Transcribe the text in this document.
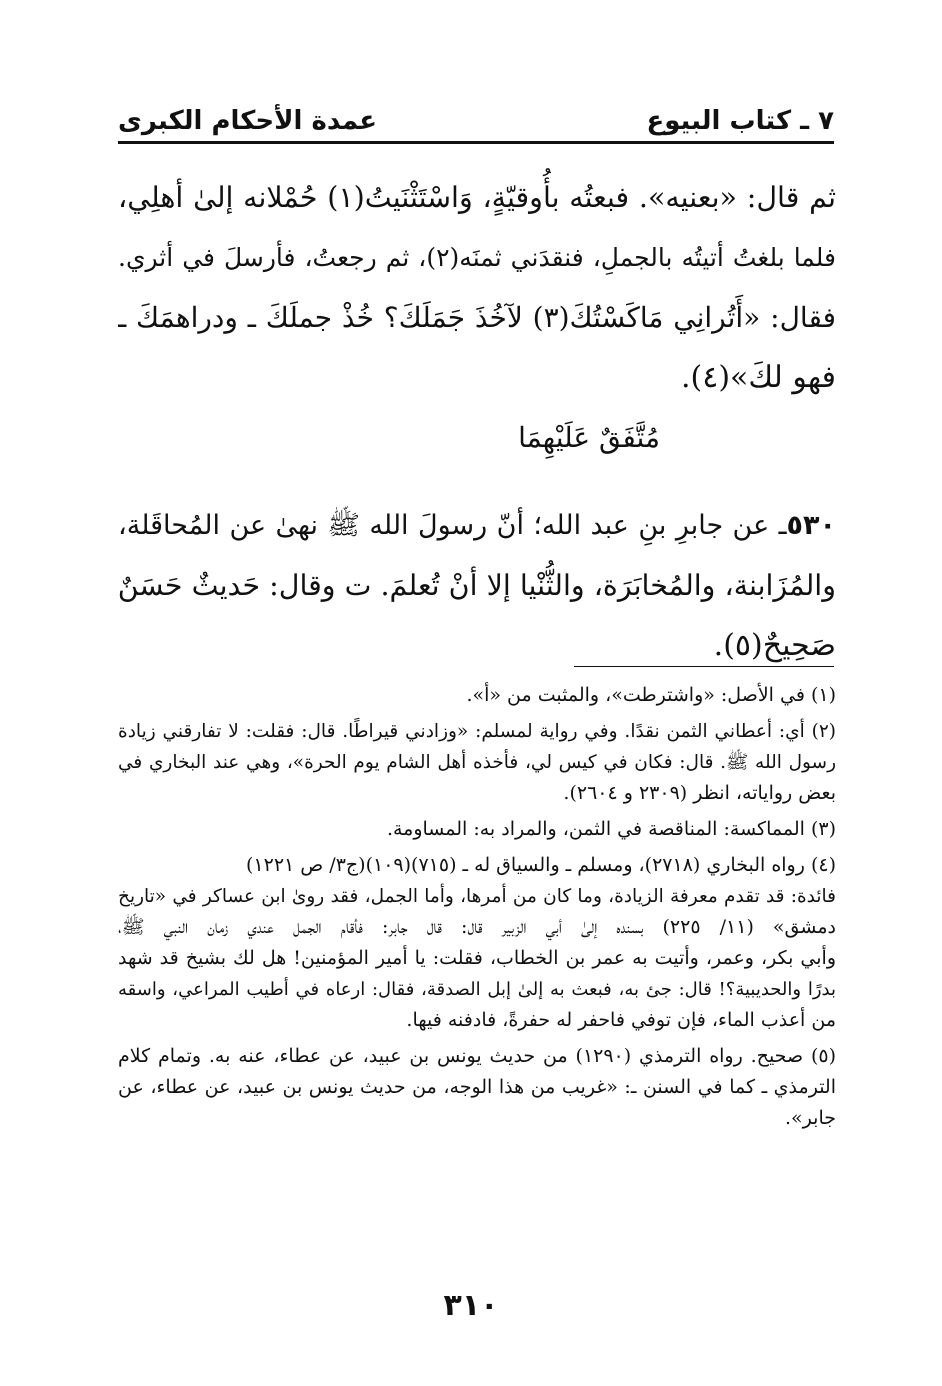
٧ ـ كتاب البيوع
عمدة الأحكام الكبرى
ثم قال: «بعنيه». فبعتُه بأُوقيّةٍ، وَاسْتَثْنَيتُ(١) حُمْلانه إلىٰ أهلِي،
فلما بلغتُ أتيتُه بالجملِ، فنقدَني ثمنَه(٢)، ثم رجعتُ، فأرسلَ في أثري.
فقال: «أَتُرانِي مَاكَسْتُكَ(٣) لآخُذَ جَمَلَكَ؟ خُذْ جملَكَ ـ ودراهمَكَ ـ
فهو لكَ»(٤).
مُتَّفَقٌ عَلَيْهِمَا
٥٣٠ـ عن جابرِ بنِ عبد الله؛ أنّ رسولَ الله ﷺ نهىٰ عن المُحاقَلة،
والمُزَابنة، والمُخابَرَة، والثُّنْيا إلا أنْ تُعلمَ. ت وقال: حَديثٌ حَسَنٌ
صَحِيحٌ(٥).
(١) في الأصل: «واشترطت»، والمثبت من «أ».
(٢) أي: أعطاني الثمن نقدًا. وفي رواية لمسلم: «وزادني قيراطًا. قال: فقلت: لا تفارقني زيادة
رسول الله ﷺ. قال: فكان في كيس لي، فأخذه أهل الشام يوم الحرة»، وهي عند البخاري في
بعض رواياته، انظر (٢٣٠٩ و ٢٦٠٤).
(٣) المماكسة: المناقصة في الثمن، والمراد به: المساومة.
(٤) رواه البخاري (٢٧١٨)، ومسلم ـ والسياق له ـ (٧١٥)(١٠٩)(ج٣/ ص ١٢٢١)
فائدة: قد تقدم معرفة الزيادة، وما كان من أمرها، وأما الجمل، فقد روىٰ ابن عساكر في «تاريخ
دمشق» (١١/ ٢٢٥) بسنده إلىٰ أبي الزبير قال: قال جابر: فأقام الجمل عندي زمان النبي ﷺ،
وأبي بكر، وعمر، وأتيت به عمر بن الخطاب، فقلت: يا أمير المؤمنين! هل لك بشيخ قد شهد
بدرًا والحديبية؟! قال: جئ به، فبعث به إلىٰ إبل الصدقة، فقال: ارعاه في أطيب المراعي، واسقه
من أعذب الماء، فإن توفي فاحفر له حفرةً، فادفنه فيها.
(٥) صحيح. رواه الترمذي (١٢٩٠) من حديث يونس بن عبيد، عن عطاء، عنه به. وتمام كلام
الترمذي ـ كما في السنن ـ: «غريب من هذا الوجه، من حديث يونس بن عبيد، عن عطاء، عن
جابر».
٣١٠
